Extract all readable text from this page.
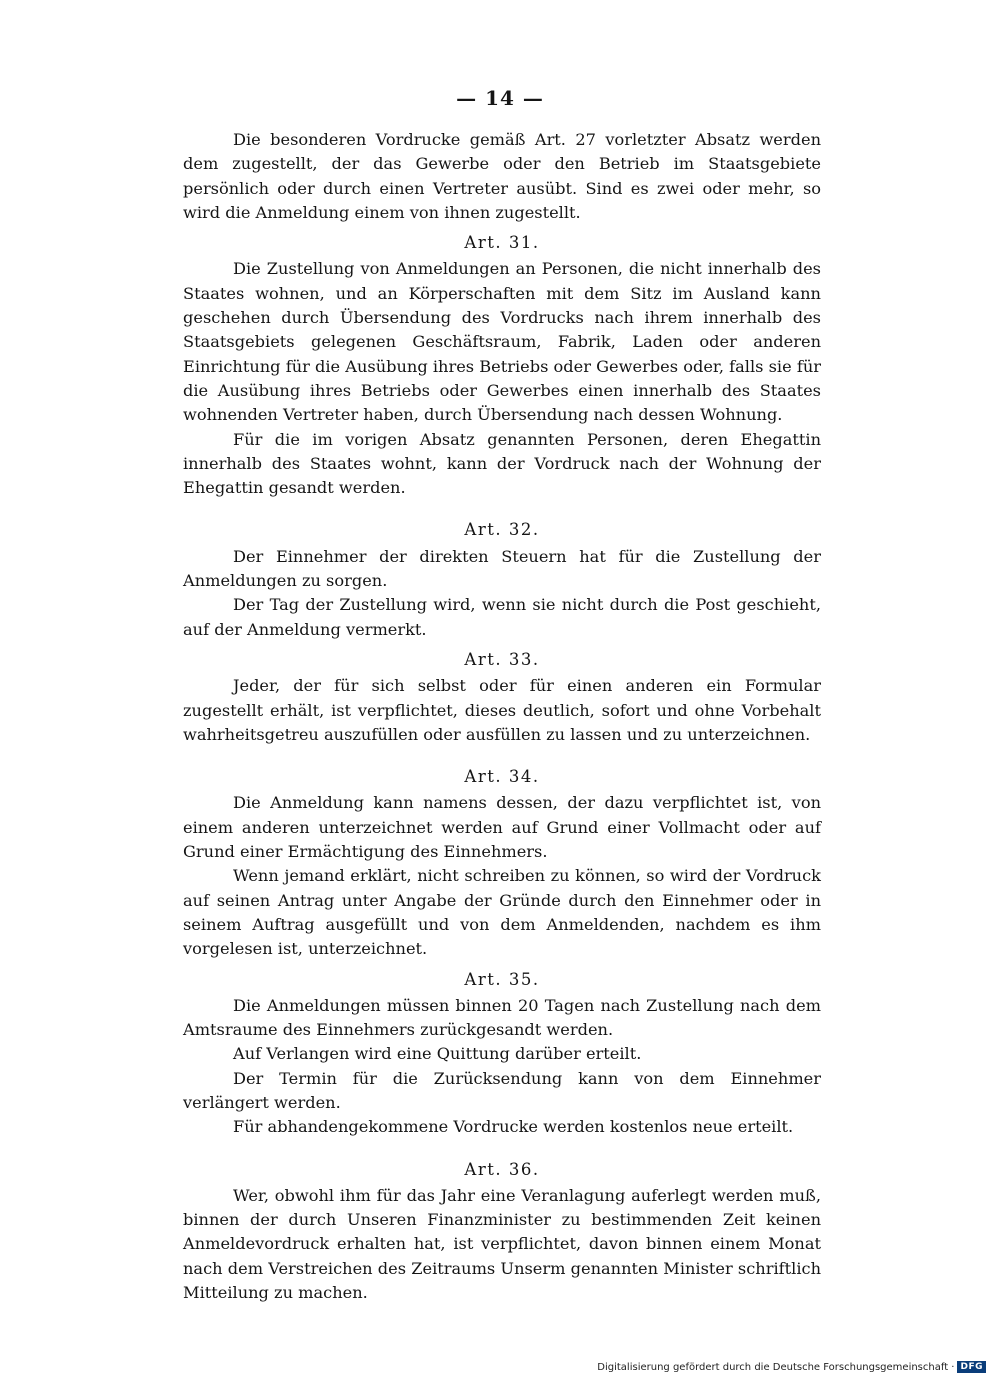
— 14 —

Die besonderen Vordrucke gemäß Art. 27 vorletzter Absatz werden dem zugestellt, der das Gewerbe oder den Betrieb im Staatsgebiete persönlich oder durch einen Vertreter ausübt. Sind es zwei oder mehr, so wird die Anmeldung einem von ihnen zugestellt.

Art. 31.

Die Zustellung von Anmeldungen an Personen, die nicht innerhalb des Staates wohnen, und an Körperschaften mit dem Sitz im Ausland kann geschehen durch Übersendung des Vordrucks nach ihrem innerhalb des Staatsgebiets gelegenen Geschäftsraum, Fabrik, Laden oder anderen Einrichtung für die Ausübung ihres Betriebs oder Gewerbes oder, falls sie für die Ausübung ihres Betriebs oder Gewerbes einen innerhalb des Staates wohnenden Vertreter haben, durch Übersendung nach dessen Wohnung.

Für die im vorigen Absatz genannten Personen, deren Ehegattin innerhalb des Staates wohnt, kann der Vordruck nach der Wohnung der Ehegattin gesandt werden.

Art. 32.

Der Einnehmer der direkten Steuern hat für die Zustellung der Anmeldungen zu sorgen.

Der Tag der Zustellung wird, wenn sie nicht durch die Post geschieht, auf der Anmeldung vermerkt.

Art. 33.

Jeder, der für sich selbst oder für einen anderen ein Formular zugestellt erhält, ist verpflichtet, dieses deutlich, sofort und ohne Vorbehalt wahrheitsgetreu auszufüllen oder ausfüllen zu lassen und zu unterzeichnen.

Art. 34.

Die Anmeldung kann namens dessen, der dazu verpflichtet ist, von einem anderen unterzeichnet werden auf Grund einer Vollmacht oder auf Grund einer Ermächtigung des Einnehmers.

Wenn jemand erklärt, nicht schreiben zu können, so wird der Vordruck auf seinen Antrag unter Angabe der Gründe durch den Einnehmer oder in seinem Auftrag ausgefüllt und von dem Anmeldenden, nachdem es ihm vorgelesen ist, unterzeichnet.

Art. 35.

Die Anmeldungen müssen binnen 20 Tagen nach Zustellung nach dem Amtsraume des Einnehmers zurückgesandt werden.

Auf Verlangen wird eine Quittung darüber erteilt.

Der Termin für die Zurücksendung kann von dem Einnehmer verlängert werden.

Für abhandengekommene Vordrucke werden kostenlos neue erteilt.

Art. 36.

Wer, obwohl ihm für das Jahr eine Veranlagung auferlegt werden muß, binnen der durch Unseren Finanzminister zu bestimmenden Zeit keinen Anmeldevordruck erhalten hat, ist verpflichtet, davon binnen einem Monat nach dem Verstreichen des Zeitraums Unserm genannten Minister schriftlich Mitteilung zu machen.

Digitalisierung gefördert durch die Deutsche Forschungsgemeinschaft · DFG
